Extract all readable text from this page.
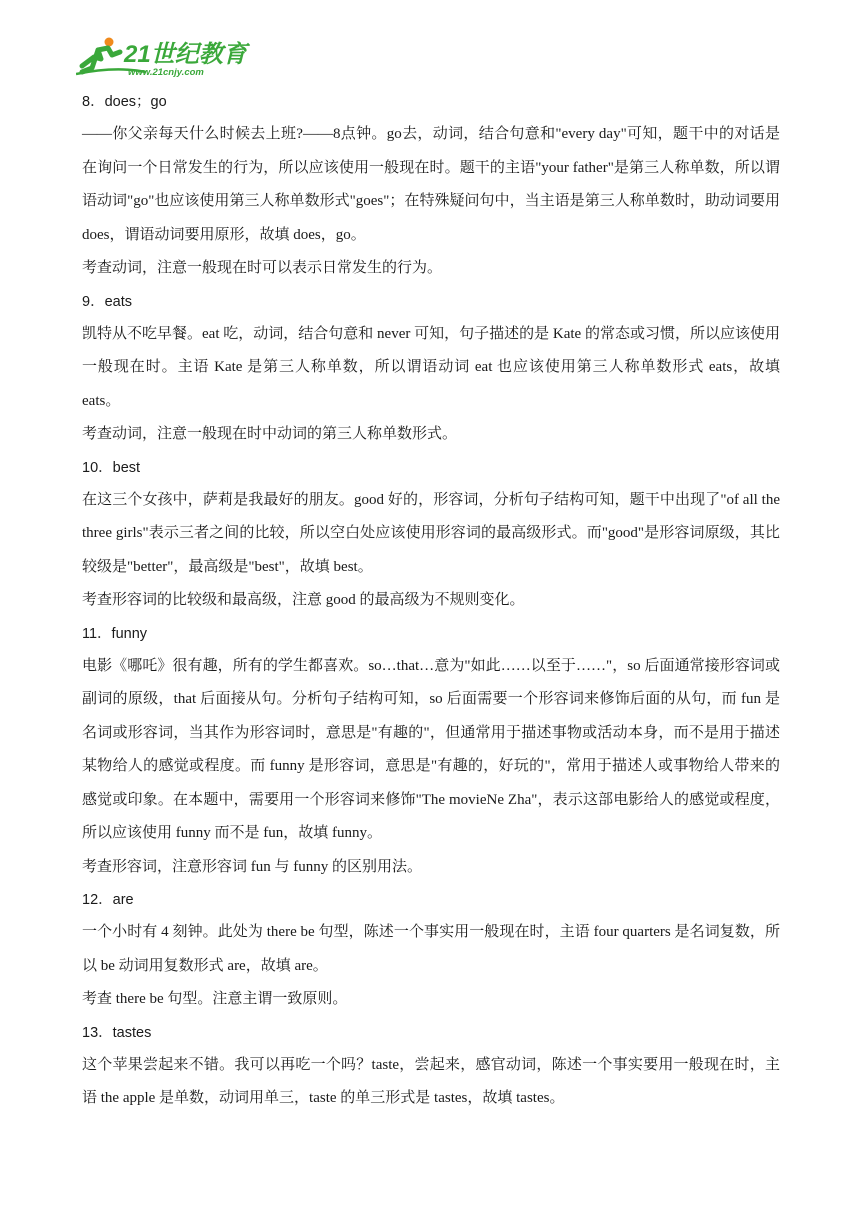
21世纪教育
www.21cnjy.com
8．does；go

——你父亲每天什么时候去上班?——8点钟。go去，动词，结合句意和"every day"可知，题干中的对话是在询问一个日常发生的行为，所以应该使用一般现在时。题干的主语"your father"是第三人称单数，所以谓语动词"go"也应该使用第三人称单数形式"goes"；在特殊疑问句中，当主语是第三人称单数时，助动词要用 does，谓语动词要用原形，故填 does，go。

考查动词，注意一般现在时可以表示日常发生的行为。

9．eats

凯特从不吃早餐。eat 吃，动词，结合句意和 never 可知，句子描述的是 Kate 的常态或习惯，所以应该使用一般现在时。主语 Kate 是第三人称单数，所以谓语动词 eat 也应该使用第三人称单数形式 eats，故填 eats。

考查动词，注意一般现在时中动词的第三人称单数形式。

10．best

在这三个女孩中，萨莉是我最好的朋友。good 好的，形容词，分析句子结构可知，题干中出现了"of all the three girls"表示三者之间的比较，所以空白处应该使用形容词的最高级形式。而"good"是形容词原级，其比较级是"better"，最高级是"best"，故填 best。

考查形容词的比较级和最高级，注意 good 的最高级为不规则变化。

11．funny

电影《哪吒》很有趣，所有的学生都喜欢。so…that…意为"如此……以至于……"，so 后面通常接形容词或副词的原级，that 后面接从句。分析句子结构可知，so 后面需要一个形容词来修饰后面的从句，而 fun 是名词或形容词，当其作为形容词时，意思是"有趣的"，但通常用于描述事物或活动本身，而不是用于描述某物给人的感觉或程度。而 funny 是形容词，意思是"有趣的，好玩的"，常用于描述人或事物给人带来的感觉或印象。在本题中，需要用一个形容词来修饰"The movieNe Zha"，表示这部电影给人的感觉或程度，所以应该使用 funny 而不是 fun，故填 funny。

考查形容词，注意形容词 fun 与 funny 的区别用法。

12．are

一个小时有 4 刻钟。此处为 there be 句型，陈述一个事实用一般现在时，主语 four quarters 是名词复数，所以 be 动词用复数形式 are，故填 are。

考查 there be 句型。注意主谓一致原则。

13．tastes

这个苹果尝起来不错。我可以再吃一个吗？taste，尝起来，感官动词，陈述一个事实要用一般现在时，主语 the apple 是单数，动词用单三，taste 的单三形式是 tastes，故填 tastes。
